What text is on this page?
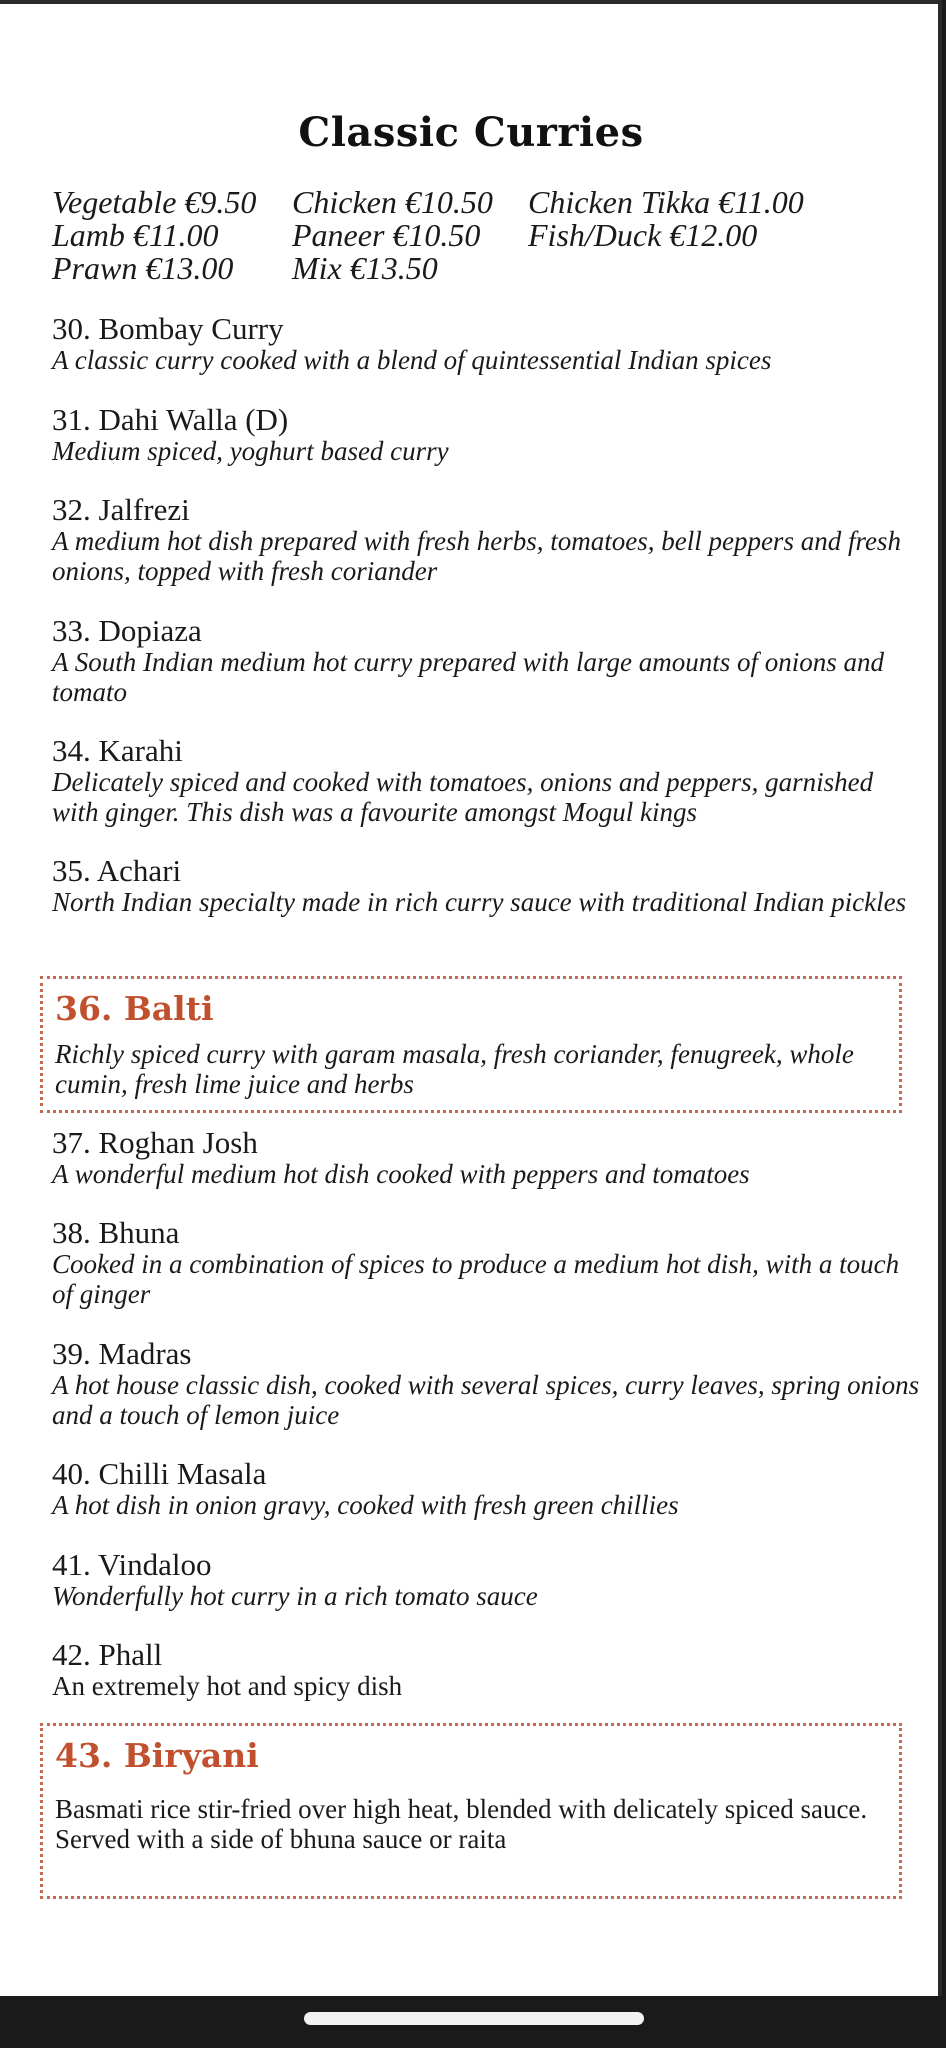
Classic Curries
Vegetable €9.50 Chicken €10.50 Chicken Tikka €11.00
Lamb €11.00 Paneer €10.50 Fish/Duck €12.00
Prawn €13.00 Mix €13.50
30. Bombay Curry
A classic curry cooked with a blend of quintessential Indian spices
31. Dahi Walla (D)
Medium spiced, yoghurt based curry
32. Jalfrezi
A medium hot dish prepared with fresh herbs, tomatoes, bell peppers and fresh onions, topped with fresh coriander
33. Dopiaza
A South Indian medium hot curry prepared with large amounts of onions and tomato
34. Karahi
Delicately spiced and cooked with tomatoes, onions and peppers, garnished with ginger. This dish was a favourite amongst Mogul kings
35. Achari
North Indian specialty made in rich curry sauce with traditional Indian pickles
36. Balti
Richly spiced curry with garam masala, fresh coriander, fenugreek, whole cumin, fresh lime juice and herbs
37. Roghan Josh
A wonderful medium hot dish cooked with peppers and tomatoes
38. Bhuna
Cooked in a combination of spices to produce a medium hot dish, with a touch of ginger
39. Madras
A hot house classic dish, cooked with several spices, curry leaves, spring onions and a touch of lemon juice
40. Chilli Masala
A hot dish in onion gravy, cooked with fresh green chillies
41. Vindaloo
Wonderfully hot curry in a rich tomato sauce
42. Phall
An extremely hot and spicy dish
43. Biryani
Basmati rice stir-fried over high heat, blended with delicately spiced sauce. Served with a side of bhuna sauce or raita
